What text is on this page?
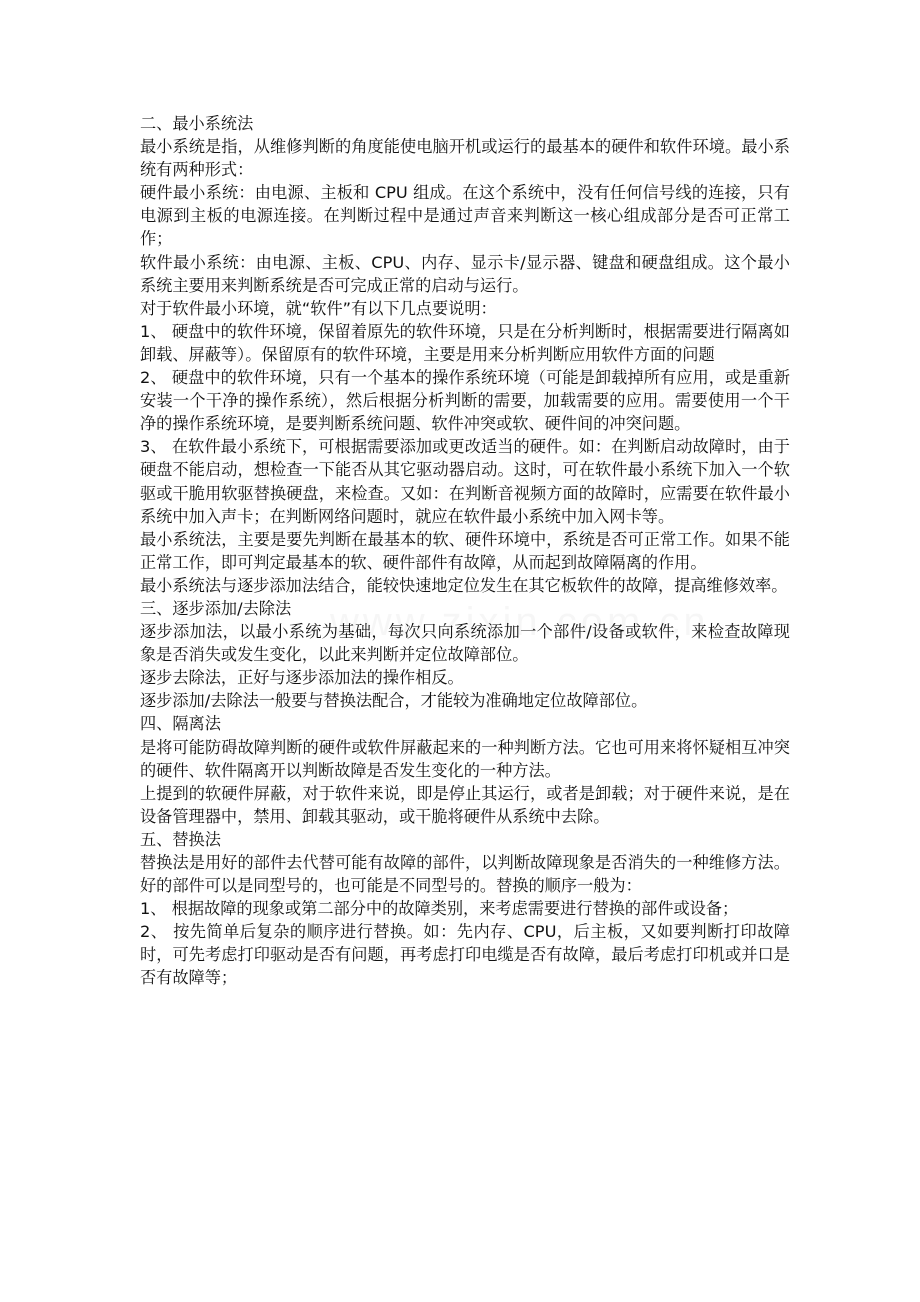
二、最小系统法

最小系统是指，从维修判断的角度能使电脑开机或运行的最基本的硬件和软件环境。最小系统有两种形式：

硬件最小系统：由电源、主板和 CPU 组成。在这个系统中，没有任何信号线的连接，只有电源到主板的电源连接。在判断过程中是通过声音来判断这一核心组成部分是否可正常工作；

软件最小系统：由电源、主板、CPU、内存、显示卡/显示器、键盘和硬盘组成。这个最小系统主要用来判断系统是否可完成正常的启动与运行。

对于软件最小环境，就“软件”有以下几点要说明：

1、 硬盘中的软件环境，保留着原先的软件环境，只是在分析判断时，根据需要进行隔离如卸载、屏蔽等）。保留原有的软件环境，主要是用来分析判断应用软件方面的问题

2、 硬盘中的软件环境，只有一个基本的操作系统环境（可能是卸载掉所有应用，或是重新安装一个干净的操作系统），然后根据分析判断的需要，加载需要的应用。需要使用一个干净的操作系统环境，是要判断系统问题、软件冲突或软、硬件间的冲突问题。

3、 在软件最小系统下，可根据需要添加或更改适当的硬件。如：在判断启动故障时，由于硬盘不能启动，想检查一下能否从其它驱动器启动。这时，可在软件最小系统下加入一个软驱或干脆用软驱替换硬盘，来检查。又如：在判断音视频方面的故障时，应需要在软件最小系统中加入声卡；在判断网络问题时，就应在软件最小系统中加入网卡等。

最小系统法，主要是要先判断在最基本的软、硬件环境中，系统是否可正常工作。如果不能正常工作，即可判定最基本的软、硬件部件有故障，从而起到故障隔离的作用。

最小系统法与逐步添加法结合，能较快速地定位发生在其它板软件的故障，提高维修效率。

三、逐步添加/去除法

逐步添加法，以最小系统为基础，每次只向系统添加一个部件/设备或软件，来检查故障现象是否消失或发生变化，以此来判断并定位故障部位。

逐步去除法，正好与逐步添加法的操作相反。

逐步添加/去除法一般要与替换法配合，才能较为准确地定位故障部位。

四、隔离法

是将可能防碍故障判断的硬件或软件屏蔽起来的一种判断方法。它也可用来将怀疑相互冲突的硬件、软件隔离开以判断故障是否发生变化的一种方法。

上提到的软硬件屏蔽，对于软件来说，即是停止其运行，或者是卸载；对于硬件来说，是在设备管理器中，禁用、卸载其驱动，或干脆将硬件从系统中去除。

五、替换法

替换法是用好的部件去代替可能有故障的部件，以判断故障现象是否消失的一种维修方法。好的部件可以是同型号的，也可能是不同型号的。替换的顺序一般为：

1、 根据故障的现象或第二部分中的故障类别，来考虑需要进行替换的部件或设备；

2、 按先简单后复杂的顺序进行替换。如：先内存、CPU，后主板，又如要判断打印故障时，可先考虑打印驱动是否有问题，再考虑打印电缆是否有故障，最后考虑打印机或并口是否有故障等；
